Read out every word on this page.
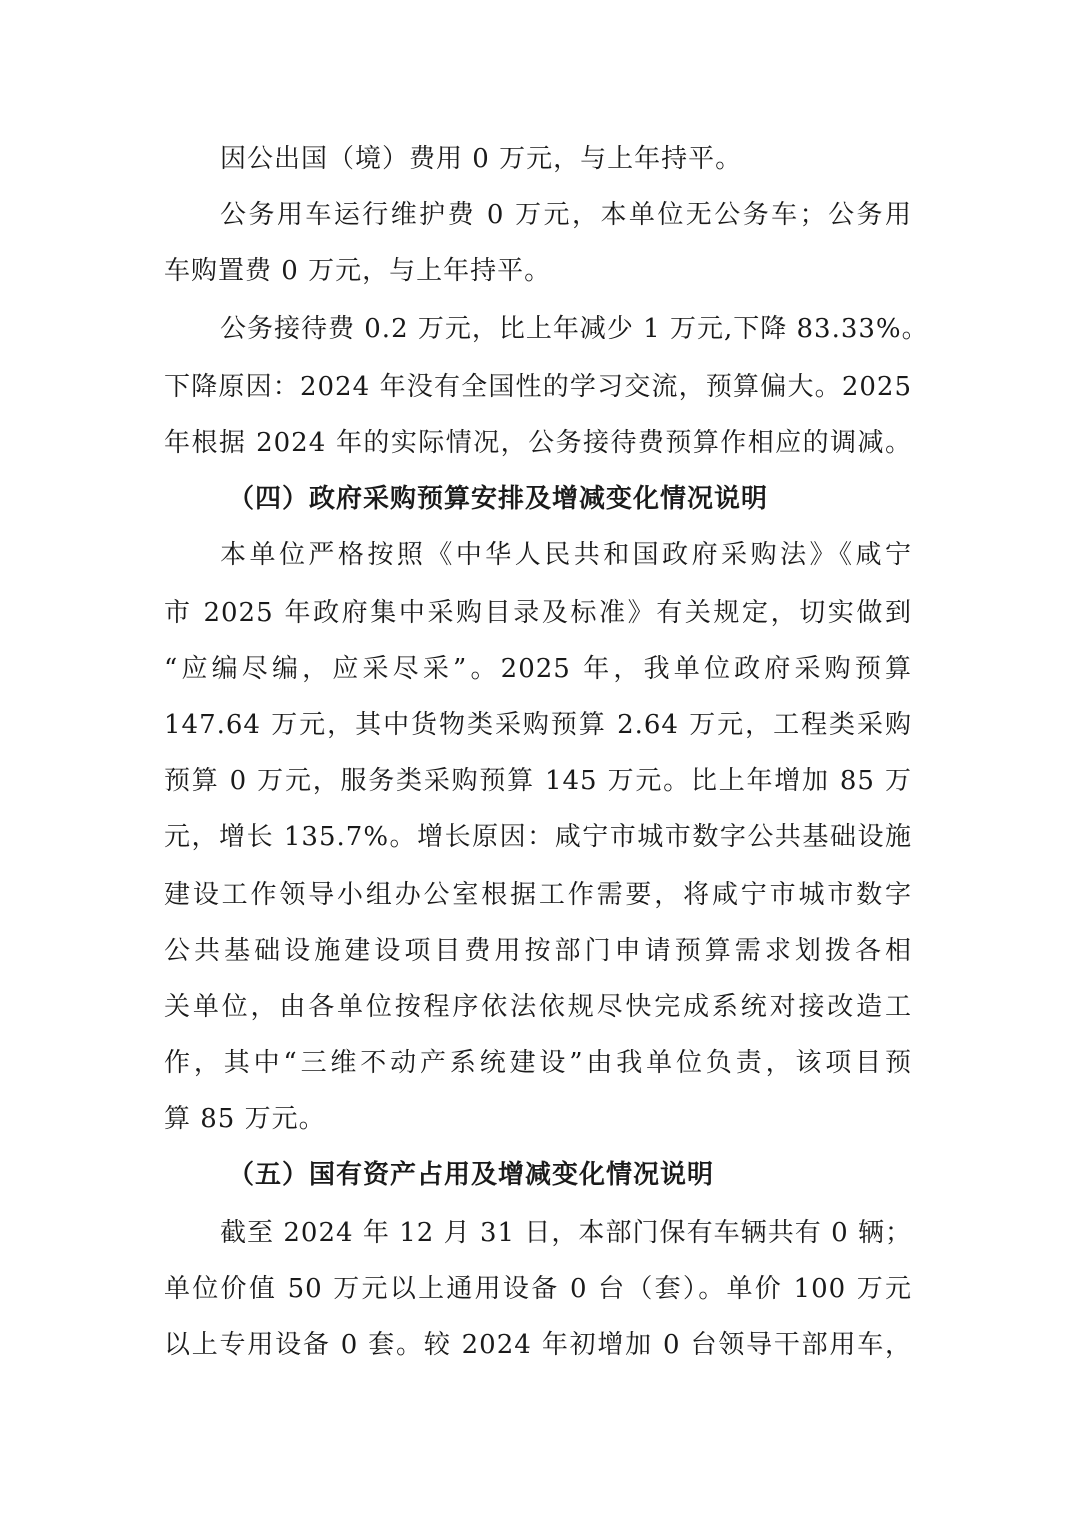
因公出国（境）费用 0 万元，与上年持平。
公务用车运行维护费 0 万元，本单位无公务车；公务用
车购置费 0 万元，与上年持平。
公务接待费 0.2 万元，比上年减少 1 万元,下降 83.33%。
下降原因：2024 年没有全国性的学习交流，预算偏大。2025
年根据 2024 年的实际情况，公务接待费预算作相应的调减。
（四）政府采购预算安排及增减变化情况说明
本单位严格按照《中华人民共和国政府采购法》《咸宁
市 2025 年政府集中采购目录及标准》有关规定，切实做到
“应编尽编，应采尽采”。2025 年，我单位政府采购预算
147.64 万元，其中货物类采购预算 2.64 万元，工程类采购
预算 0 万元，服务类采购预算 145 万元。比上年增加 85 万
元，增长 135.7%。增长原因：咸宁市城市数字公共基础设施
建设工作领导小组办公室根据工作需要，将咸宁市城市数字
公共基础设施建设项目费用按部门申请预算需求划拨各相
关单位，由各单位按程序依法依规尽快完成系统对接改造工
作，其中“三维不动产系统建设”由我单位负责，该项目预
算 85 万元。
（五）国有资产占用及增减变化情况说明
截至 2024 年 12 月 31 日，本部门保有车辆共有 0 辆；
单位价值 50 万元以上通用设备 0 台（套）。单价 100 万元
以上专用设备 0 套。较 2024 年初增加 0 台领导干部用车，
